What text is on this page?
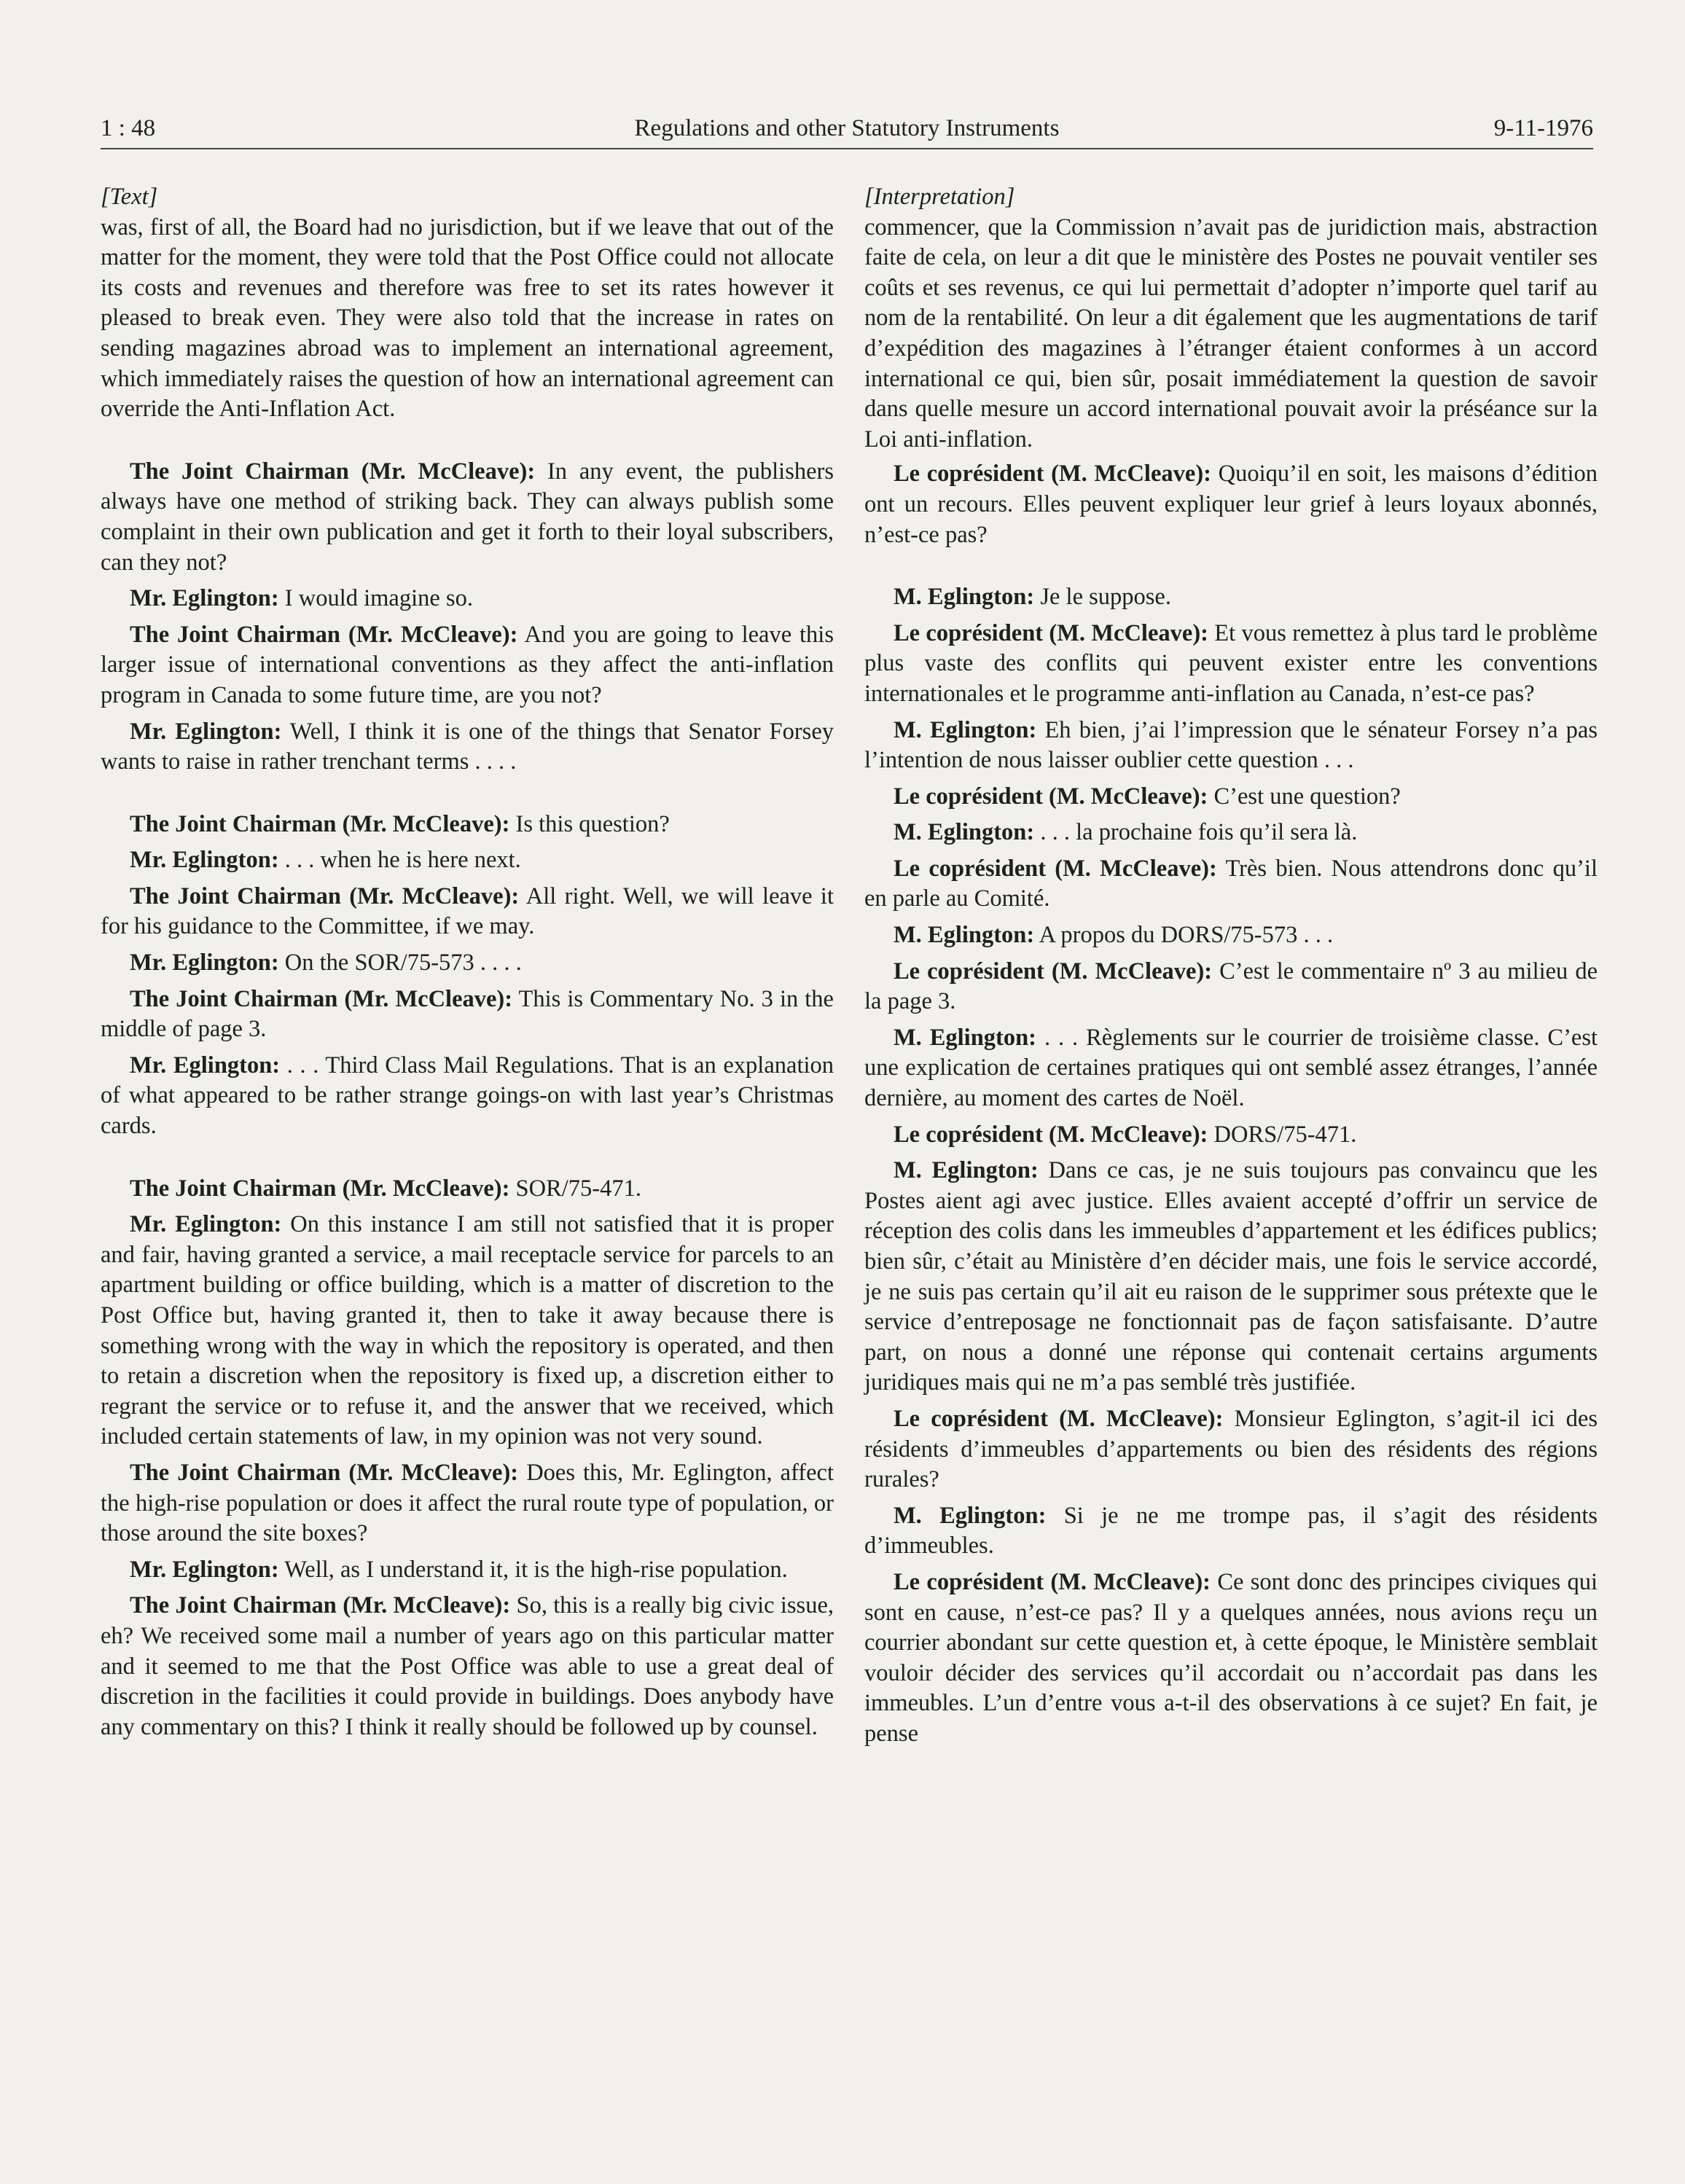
1 : 48	Regulations and other Statutory Instruments	9-11-1976

[Text]

was, first of all, the Board had no jurisdiction, but if we leave that out of the matter for the moment, they were told that the Post Office could not allocate its costs and revenues and therefore was free to set its rates however it pleased to break even. They were also told that the increase in rates on sending magazines abroad was to implement an international agreement, which immediately raises the question of how an international agreement can override the Anti-Inflation Act.

The Joint Chairman (Mr. McCleave): In any event, the publishers always have one method of striking back. They can always publish some complaint in their own publication and get it forth to their loyal subscribers, can they not?

Mr. Eglington: I would imagine so.

The Joint Chairman (Mr. McCleave): And you are going to leave this larger issue of international conventions as they affect the anti-inflation program in Canada to some future time, are you not?

Mr. Eglington: Well, I think it is one of the things that Senator Forsey wants to raise in rather trenchant terms . . . .

The Joint Chairman (Mr. McCleave): Is this question?

Mr. Eglington: . . . when he is here next.

The Joint Chairman (Mr. McCleave): All right. Well, we will leave it for his guidance to the Committee, if we may.

Mr. Eglington: On the SOR/75-573 . . . .

The Joint Chairman (Mr. McCleave): This is Commentary No. 3 in the middle of page 3.

Mr. Eglington: . . . Third Class Mail Regulations. That is an explanation of what appeared to be rather strange goings-on with last year’s Christmas cards.

The Joint Chairman (Mr. McCleave): SOR/75-471.

Mr. Eglington: On this instance I am still not satisfied that it is proper and fair, having granted a service, a mail receptacle service for parcels to an apartment building or office building, which is a matter of discretion to the Post Office but, having granted it, then to take it away because there is something wrong with the way in which the repository is operated, and then to retain a discretion when the repository is fixed up, a discretion either to regrant the service or to refuse it, and the answer that we received, which included certain statements of law, in my opinion was not very sound.

The Joint Chairman (Mr. McCleave): Does this, Mr. Eglington, affect the high-rise population or does it affect the rural route type of population, or those around the site boxes?

Mr. Eglington: Well, as I understand it, it is the high-rise population.

The Joint Chairman (Mr. McCleave): So, this is a really big civic issue, eh? We received some mail a number of years ago on this particular matter and it seemed to me that the Post Office was able to use a great deal of discretion in the facilities it could provide in buildings. Does anybody have any commentary on this? I think it really should be followed up by counsel.

[Interpretation]

commencer, que la Commission n’avait pas de juridiction mais, abstraction faite de cela, on leur a dit que le ministère des Postes ne pouvait ventiler ses coûts et ses revenus, ce qui lui permettait d’adopter n’importe quel tarif au nom de la rentabilité. On leur a dit également que les augmentations de tarif d’expédition des magazines à l’étranger étaient conformes à un accord international ce qui, bien sûr, posait immédiatement la question de savoir dans quelle mesure un accord international pouvait avoir la préséance sur la Loi anti-inflation.

Le coprésident (M. McCleave): Quoiqu’il en soit, les maisons d’édition ont un recours. Elles peuvent expliquer leur grief à leurs loyaux abonnés, n’est-ce pas?

M. Eglington: Je le suppose.

Le coprésident (M. McCleave): Et vous remettez à plus tard le problème plus vaste des conflits qui peuvent exister entre les conventions internationales et le programme anti-inflation au Canada, n’est-ce pas?

M. Eglington: Eh bien, j’ai l’impression que le sénateur Forsey n’a pas l’intention de nous laisser oublier cette question . . .

Le coprésident (M. McCleave): C’est une question?

M. Eglington: . . . la prochaine fois qu’il sera là.

Le coprésident (M. McCleave): Très bien. Nous attendrons donc qu’il en parle au Comité.

M. Eglington: A propos du DORS/75-573 . . .

Le coprésident (M. McCleave): C’est le commentaire nº 3 au milieu de la page 3.

M. Eglington: . . . Règlements sur le courrier de troisième classe. C’est une explication de certaines pratiques qui ont semblé assez étranges, l’année dernière, au moment des cartes de Noël.

Le coprésident (M. McCleave): DORS/75-471.

M. Eglington: Dans ce cas, je ne suis toujours pas convaincu que les Postes aient agi avec justice. Elles avaient accepté d’offrir un service de réception des colis dans les immeubles d’appartement et les édifices publics; bien sûr, c’était au Ministère d’en décider mais, une fois le service accordé, je ne suis pas certain qu’il ait eu raison de le supprimer sous prétexte que le service d’entreposage ne fonctionnait pas de façon satisfaisante. D’autre part, on nous a donné une réponse qui contenait certains arguments juridiques mais qui ne m’a pas semblé très justifiée.

Le coprésident (M. McCleave): Monsieur Eglington, s’agit-il ici des résidents d’immeubles d’appartements ou bien des résidents des régions rurales?

M. Eglington: Si je ne me trompe pas, il s’agit des résidents d’immeubles.

Le coprésident (M. McCleave): Ce sont donc des principes civiques qui sont en cause, n’est-ce pas? Il y a quelques années, nous avions reçu un courrier abondant sur cette question et, à cette époque, le Ministère semblait vouloir décider des services qu’il accordait ou n’accordait pas dans les immeubles. L’un d’entre vous a-t-il des observations à ce sujet? En fait, je pense
